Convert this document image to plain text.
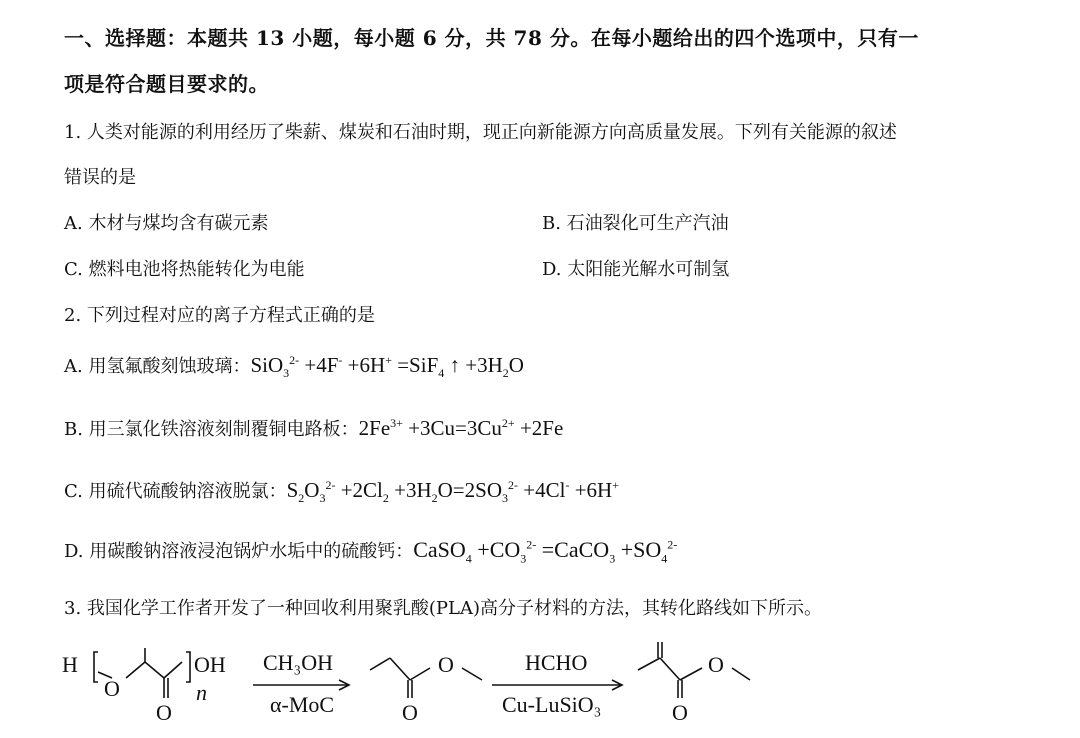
一、选择题：本题共 13 小题，每小题 6 分，共 78 分。在每小题给出的四个选项中，只有一
项是符合题目要求的。
1. 人类对能源的利用经历了柴薪、煤炭和石油时期，现正向新能源方向高质量发展。下列有关能源的叙述
错误的是
A. 木材与煤均含有碳元素	B. 石油裂化可生产汽油
C. 燃料电池将热能转化为电能	D. 太阳能光解水可制氢
2. 下列过程对应的离子方程式正确的是
A. 用氢氟酸刻蚀玻璃：SiO$_3^{2-}$ +4F- +6H+ =SiF$_4$ ↑ $+3H_2O$
B. 用三氯化铁溶液刻制覆铜电路板：$2Fe^{3+} +3Cu=3Cu^{2+} +2Fe$
C. 用硫代硫酸钠溶液脱氯：$S_2O_3^{2-} +2Cl_2 +3H_2O=2SO_3^{2-} +4Cl^- +6H^+$
D. 用碳酸钠溶液浸泡锅炉水垢中的硫酸钙：CaSO$_4$ $+CO_3^{2-}$ =CaCO$_3$ $+SO_4^{2-}$
3. 我国化学工作者开发了一种回收利用聚乳酸(PLA)高分子材料的方法，其转化路线如下所示。
H
O
O
OH
n
CH₃OH
α-MoC	O
O	HCHO
Cu-LuSiO₃	O
O
